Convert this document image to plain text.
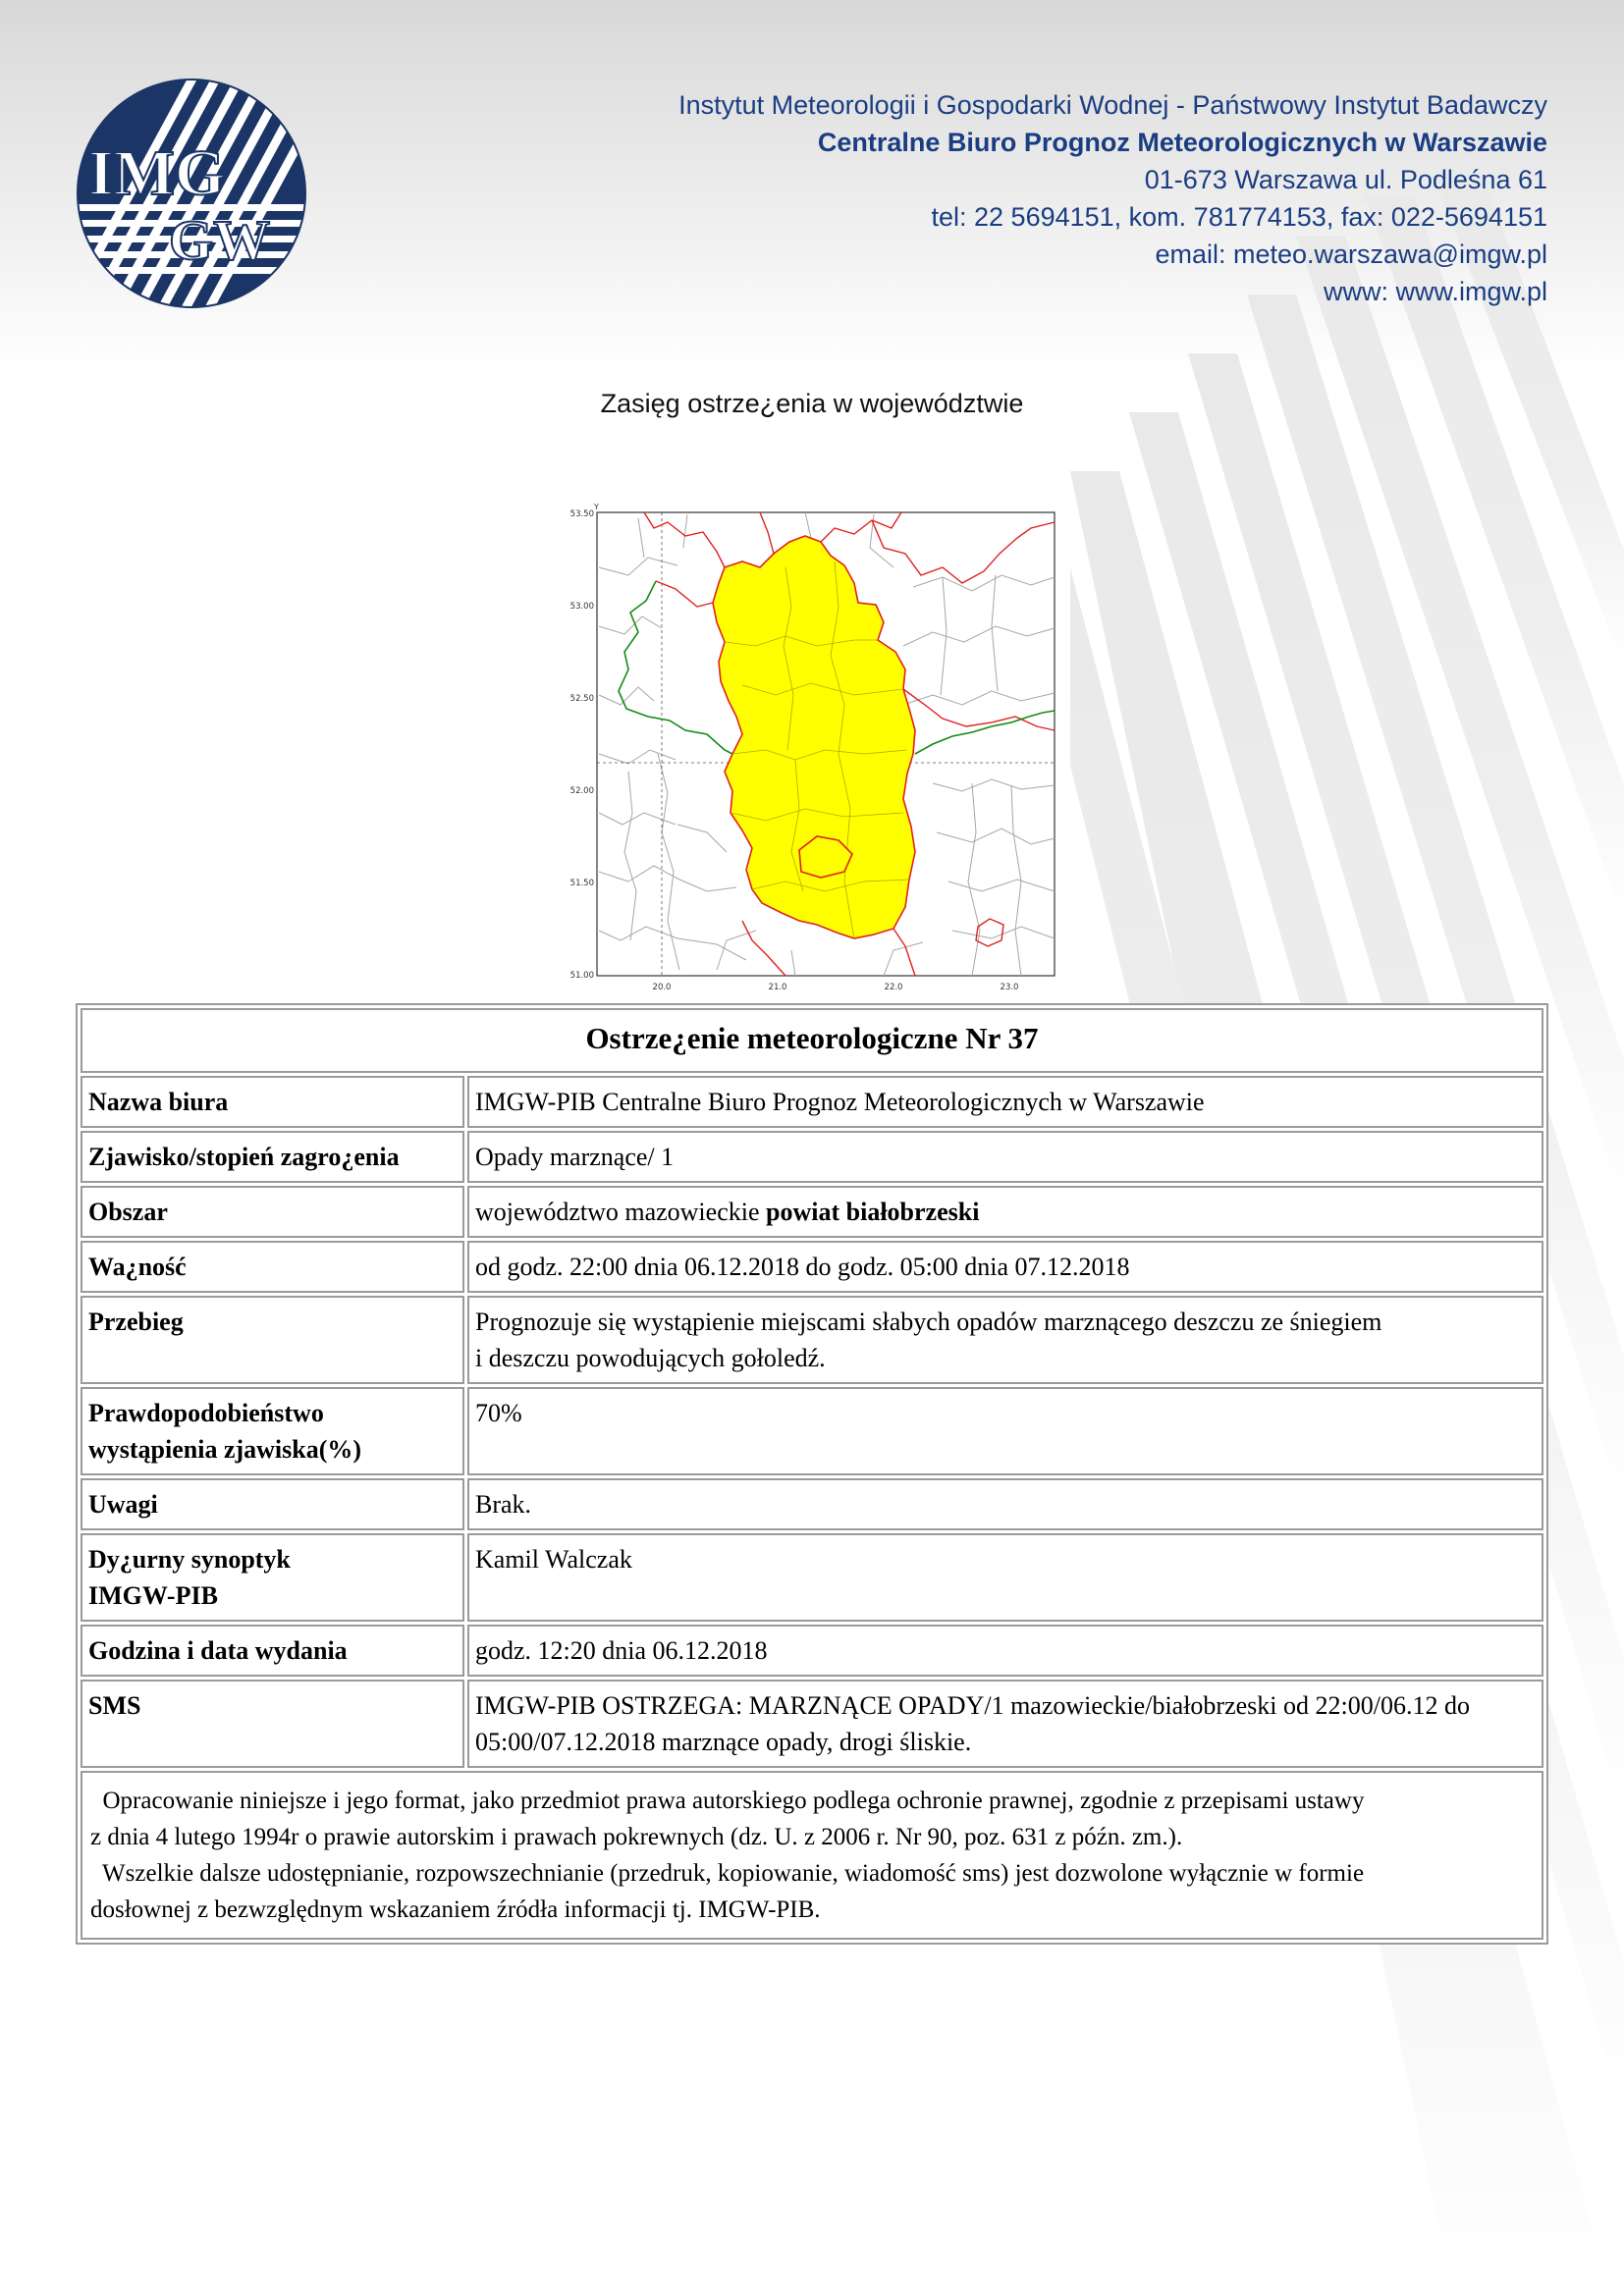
IMG
GW
Instytut Meteorologii i Gospodarki Wodnej - Państwowy Instytut Badawczy
Centralne Biuro Prognoz Meteorologicznych w Warszawie
01-673 Warszawa ul. Podleśna 61
tel: 22 5694151, kom. 781774153, fax: 022-5694151
email: meteo.warszawa@imgw.pl
www: www.imgw.pl
Zasięg ostrze¿enia w województwie
Y
53.50
53.00
52.50
52.00
51.50
51.00
20.0	21.0	22.0	23.0
Ostrze¿enie meteorologiczne Nr 37	
Nazwa biura	IMGW-PIB Centralne Biuro Prognoz Meteorologicznych w Warszawie
Zjawisko/stopień zagro¿enia	Opady marznące/ 1
Obszar	województwo mazowieckie powiat białobrzeski
Wa¿ność	od godz. 22:00 dnia 06.12.2018 do godz. 05:00 dnia 07.12.2018
Przebieg	Prognozuje się wystąpienie miejscami słabych opadów marznącego deszczu ze śniegiem
i deszczu powodujących gołoledź.

Prawdopodobieństwo
wystąpienia zjawiska(%)	70%
Uwagi	Brak.

Dy¿urny synoptyk
IMGW-PIB	Kamil Walczak
Godzina i data wydania	godz. 12:20 dnia 06.12.2018
SMS	IMGW-PIB OSTRZEGA: MARZNĄCE OPADY/1 mazowieckie/białobrzeski od 22:00/06.12 do 05:00/07.12.2018 marznące opady, drogi śliskie.

Opracowanie niniejsze i jego format, jako przedmiot prawa autorskiego podlega ochronie prawnej, zgodnie z przepisami ustawy
z dnia 4 lutego 1994r o prawie autorskim i prawach pokrewnych (dz. U. z 2006 r. Nr 90, poz. 631 z późn. zm.).
Wszelkie dalsze udostępnianie, rozpowszechnianie (przedruk, kopiowanie, wiadomość sms) jest dozwolone wyłącznie w formie
dosłownej z bezwzględnym wskazaniem źródła informacji tj. IMGW-PIB.	
